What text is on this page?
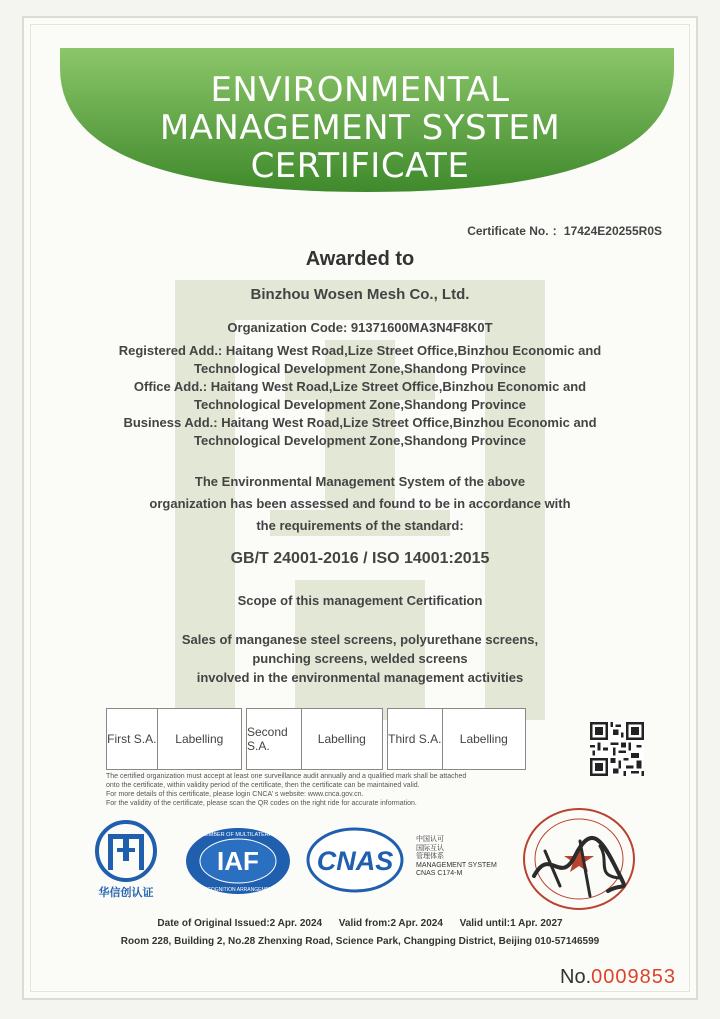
ENVIRONMENTAL
MANAGEMENT SYSTEM
CERTIFICATE
Certificate No. ：17424E20255R0S
Awarded to
Binzhou Wosen Mesh Co., Ltd.
Organization Code: 91371600MA3N4F8K0T
Registered Add.: Haitang West Road,Lize Street Office,Binzhou Economic and
Technological Development Zone,Shandong Province
Office Add.: Haitang West Road,Lize Street Office,Binzhou Economic and
Technological Development Zone,Shandong Province
Business Add.: Haitang West Road,Lize Street Office,Binzhou Economic and
Technological Development Zone,Shandong Province
The Environmental Management System of the above
organization has been assessed and found to be in accordance with
the requirements of the standard:
GB/T 24001-2016 / ISO 14001:2015
Scope of this management Certification
Sales of manganese steel screens, polyurethane screens,
punching screens, welded screens
involved in the environmental management activities
First S.A.	Labelling	Second S.A.	Labelling	Third S.A.	Labelling
The certified organization must accept at least one surveillance audit annually and a qualified mark shall be attached
onto the certificate, within validity period of the certificate, then the certificate can be maintained valid.
For more details of this certificate, please login CNCA’ s website: www.cnca.gov.cn.
For the validity of the certificate, please scan the QR codes on the right ride for accurate information.
华信创认证
IAF
MEMBER OF MULTILATERAL
RECOGNITION ARRANGEMENT
CNAS
中国认可
国际互认
管理体系
MANAGEMENT SYSTEM
CNAS C174-M
Date of Original Issued:2 Apr. 2024 Valid from:2 Apr. 2024 Valid until:1 Apr. 2027
Room 228, Building 2, No.28 Zhenxing Road, Science Park, Changping District, Beijing 010-57146599
No.0009853
